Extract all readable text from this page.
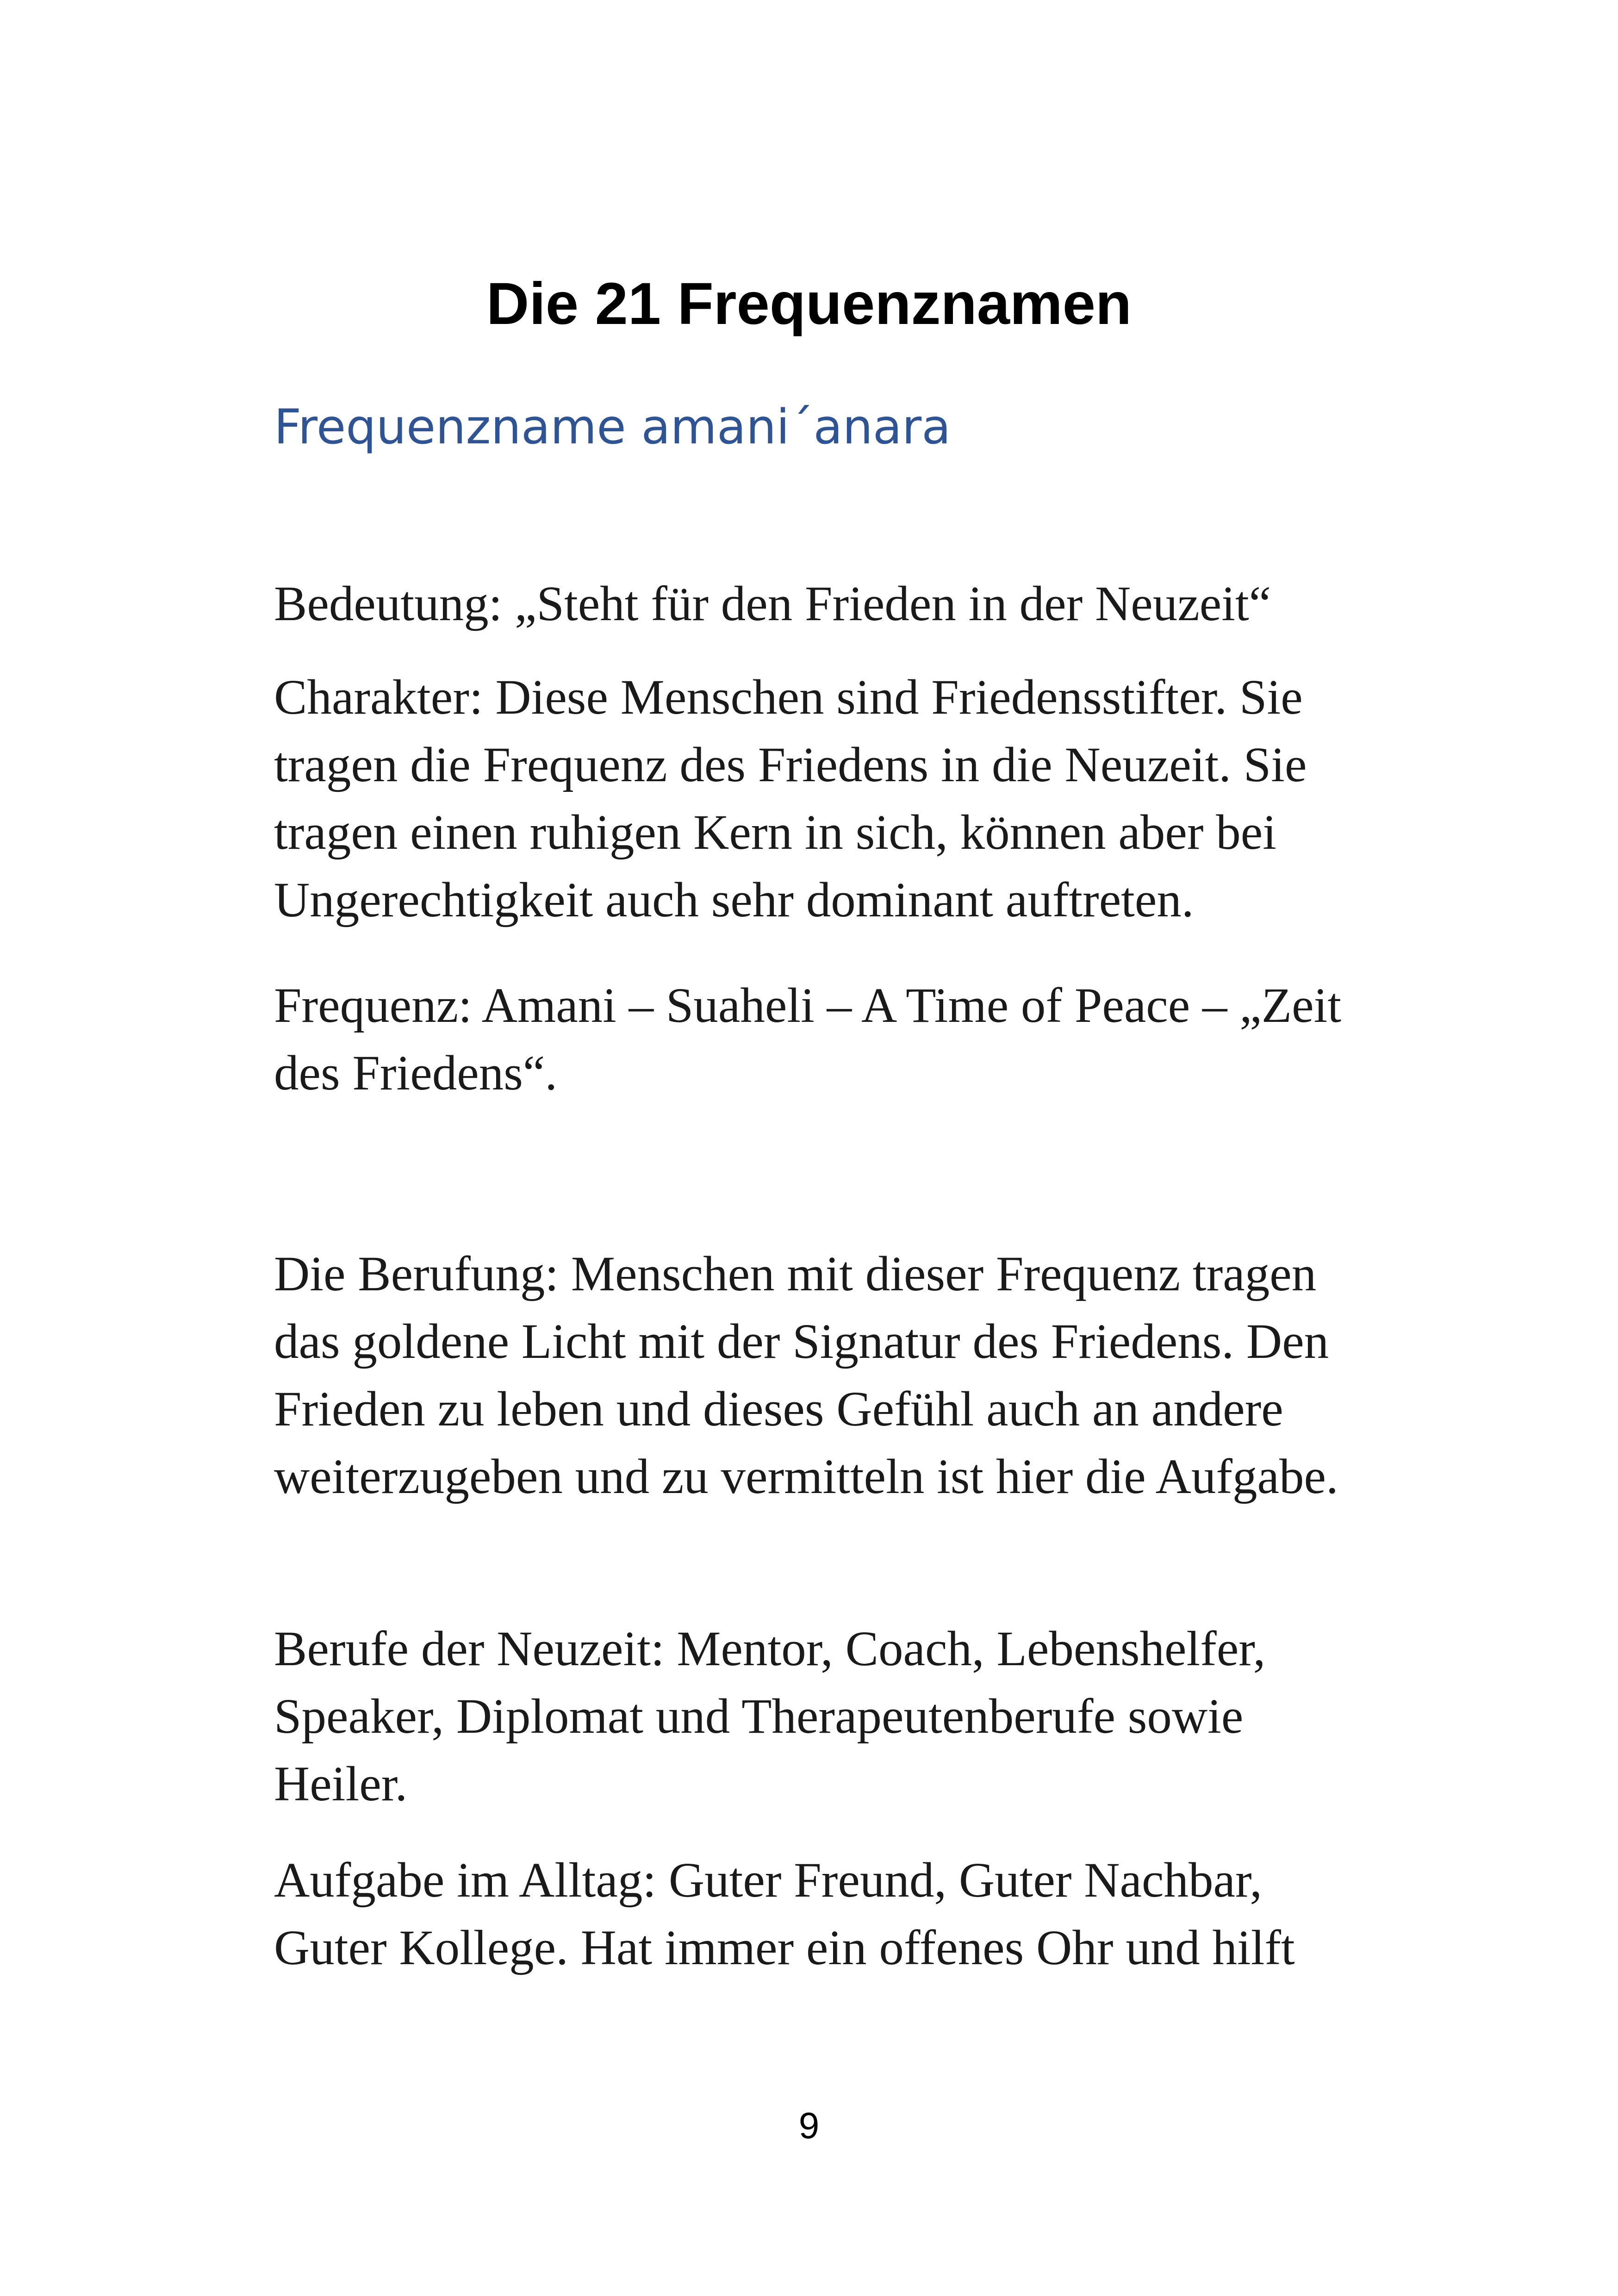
Die 21 Frequenznamen
Frequenzname amani´anara

Bedeutung: „Steht für den Frieden in der Neuzeit“

Charakter: Diese Menschen sind Friedensstifter. Sie tragen die Frequenz des Friedens in die Neuzeit. Sie tragen einen ruhigen Kern in sich, können aber bei Ungerechtigkeit auch sehr dominant auftreten.

Frequenz: Amani – Suaheli – A Time of Peace – „Zeit des Friedens“.

Die Berufung: Menschen mit dieser Frequenz tragen das goldene Licht mit der Signatur des Friedens. Den Frieden zu leben und dieses Gefühl auch an andere weiterzugeben und zu vermitteln ist hier die Aufgabe.

Berufe der Neuzeit: Mentor, Coach, Lebenshelfer, Speaker, Diplomat und Therapeutenberufe sowie Heiler.

Aufgabe im Alltag: Guter Freund, Guter Nachbar, Guter Kollege. Hat immer ein offenes Ohr und hilft

9
